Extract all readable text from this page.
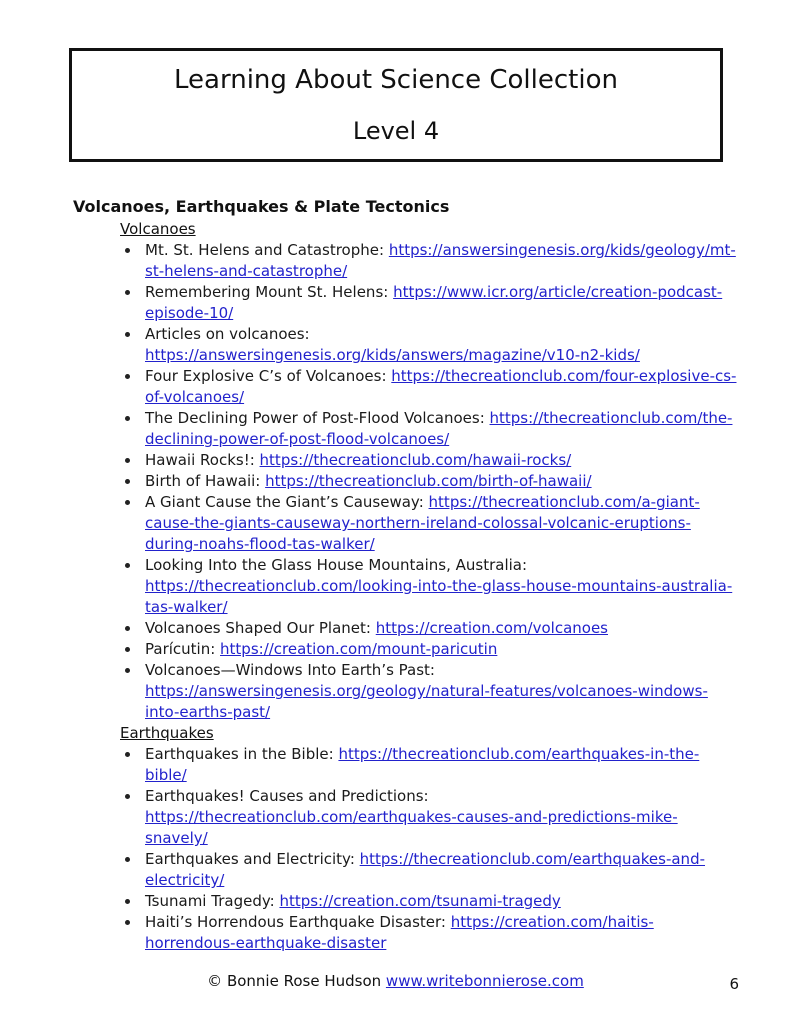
Learning About Science Collection
Level 4
Volcanoes, Earthquakes & Plate Tectonics
Volcanoes
Mt. St. Helens and Catastrophe: https://answersingenesis.org/kids/geology/mt-st-helens-and-catastrophe/
Remembering Mount St. Helens: https://www.icr.org/article/creation-podcast-episode-10/
Articles on volcanoes: https://answersingenesis.org/kids/answers/magazine/v10-n2-kids/
Four Explosive C’s of Volcanoes: https://thecreationclub.com/four-explosive-cs-of-volcanoes/
The Declining Power of Post-Flood Volcanoes: https://thecreationclub.com/the-declining-power-of-post-flood-volcanoes/
Hawaii Rocks!: https://thecreationclub.com/hawaii-rocks/
Birth of Hawaii: https://thecreationclub.com/birth-of-hawaii/
A Giant Cause the Giant’s Causeway: https://thecreationclub.com/a-giant-cause-the-giants-causeway-northern-ireland-colossal-volcanic-eruptions-during-noahs-flood-tas-walker/
Looking Into the Glass House Mountains, Australia: https://thecreationclub.com/looking-into-the-glass-house-mountains-australia-tas-walker/
Volcanoes Shaped Our Planet: https://creation.com/volcanoes
Parícutin: https://creation.com/mount-paricutin
Volcanoes—Windows Into Earth’s Past: https://answersingenesis.org/geology/natural-features/volcanoes-windows-into-earths-past/
Earthquakes
Earthquakes in the Bible: https://thecreationclub.com/earthquakes-in-the-bible/
Earthquakes! Causes and Predictions: https://thecreationclub.com/earthquakes-causes-and-predictions-mike-snavely/
Earthquakes and Electricity: https://thecreationclub.com/earthquakes-and-electricity/
Tsunami Tragedy: https://creation.com/tsunami-tragedy
Haiti’s Horrendous Earthquake Disaster: https://creation.com/haitis-horrendous-earthquake-disaster
© Bonnie Rose Hudson www.writebonnierose.com	6
